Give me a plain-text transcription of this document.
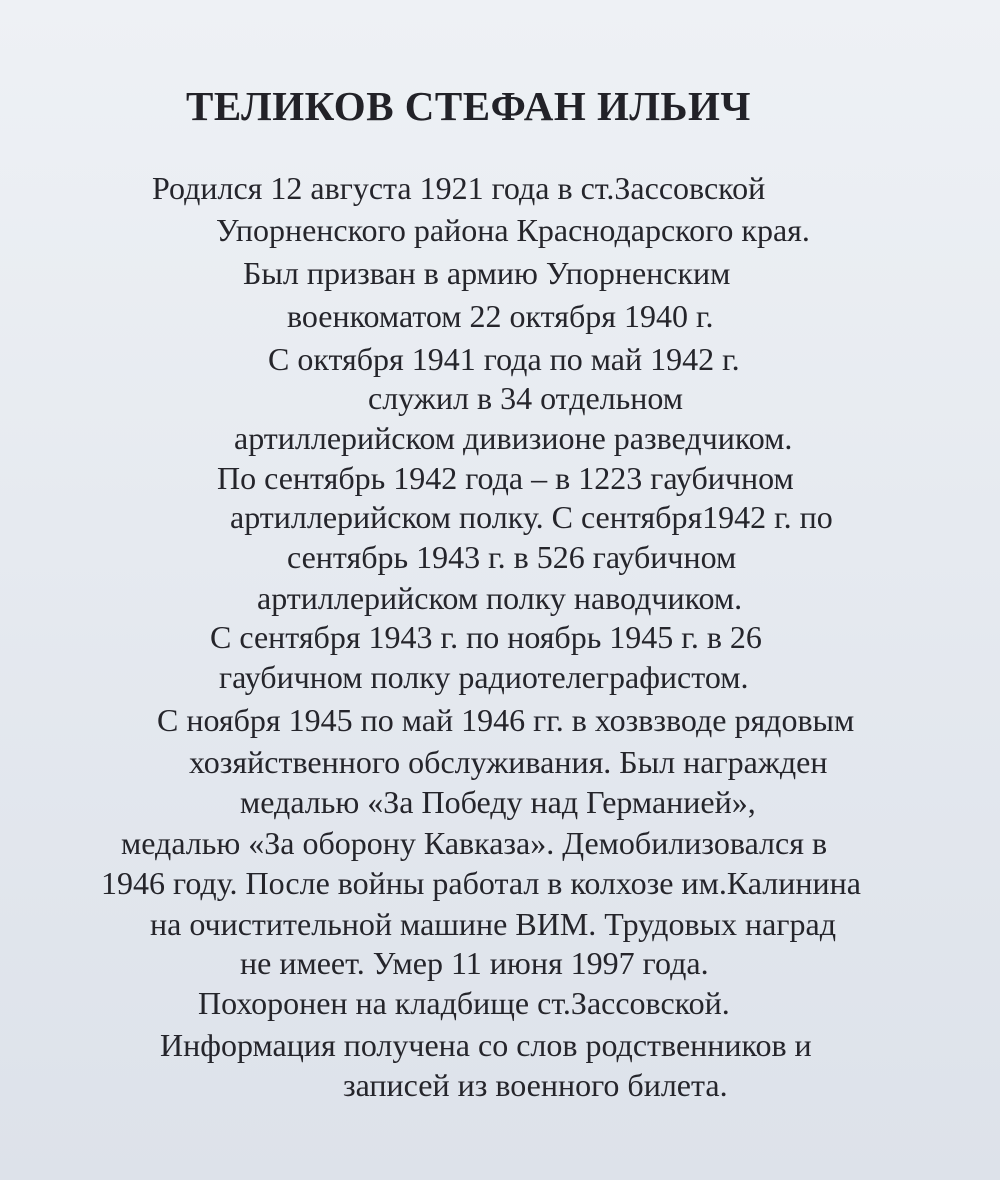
ТЕЛИКОВ СТЕФАН ИЛЬИЧ
Родился 12 августа 1921 года в ст.Зассовской
Упорненского района Краснодарского края.
Был призван в армию Упорненским
военкоматом 22 октября 1940 г.
С октября 1941 года по май 1942 г.
служил в 34 отдельном
артиллерийском дивизионе разведчиком.
По сентябрь 1942 года – в 1223 гаубичном
артиллерийском полку. С сентября1942 г. по
сентябрь 1943 г. в 526 гаубичном
артиллерийском полку наводчиком.
С сентября 1943 г. по ноябрь 1945 г. в 26
гаубичном полку радиотелеграфистом.
С ноября 1945 по май 1946 гг. в хозвзводе рядовым
хозяйственного обслуживания. Был награжден
медалью «За Победу над Германией»,
медалью «За оборону Кавказа». Демобилизовался в
1946 году. После войны работал в колхозе им.Калинина
на очистительной машине ВИМ. Трудовых наград
не имеет. Умер 11 июня 1997 года.
Похоронен на кладбище ст.Зассовской.
Информация получена со слов родственников и
записей из военного билета.
